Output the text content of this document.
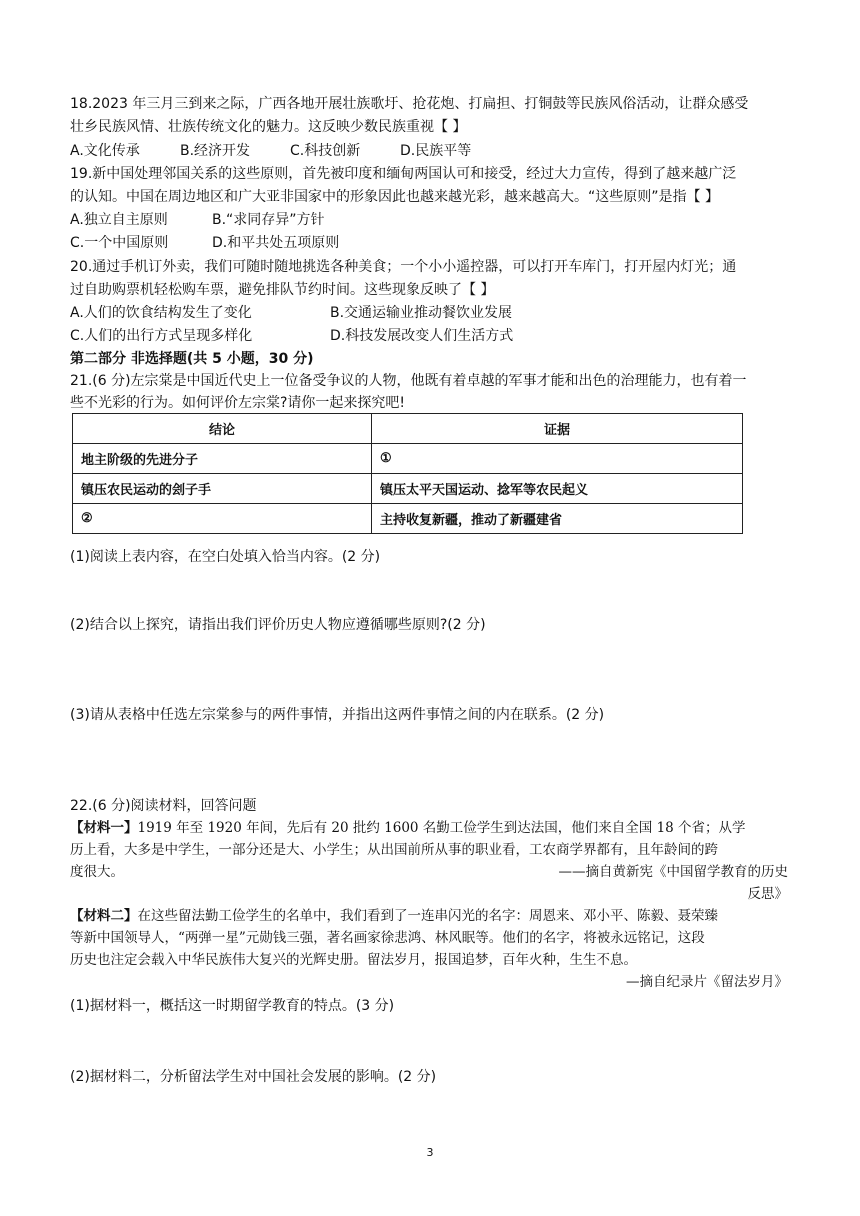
18.2023 年三月三到来之际，广西各地开展壮族歌圩、抢花炮、打扁担、打铜鼓等民族风俗活动，让群众感受
壮乡民族风情、壮族传统文化的魅力。这反映少数民族重视【 】
A.文化传承	B.经济开发	C.科技创新	D.民族平等
19.新中国处理邻国关系的这些原则，首先被印度和缅甸两国认可和接受，经过大力宣传，得到了越来越广泛
的认知。中国在周边地区和广大亚非国家中的形象因此也越来越光彩，越来越高大。“这些原则”是指【 】
A.独立自主原则	B.“求同存异”方针
C.一个中国原则	D.和平共处五项原则
20.通过手机订外卖，我们可随时随地挑选各种美食；一个小小遥控器，可以打开车库门，打开屋内灯光；通
过自助购票机轻松购车票，避免排队节约时间。这些现象反映了【 】
A.人们的饮食结构发生了变化	B.交通运输业推动餐饮业发展
C.人们的出行方式呈现多样化	D.科技发展改变人们生活方式
第二部分 非选择题(共 5 小题，30 分)
21.(6 分)左宗棠是中国近代史上一位备受争议的人物，他既有着卓越的军事才能和出色的治理能力，也有着一
些不光彩的行为。如何评价左宗棠?请你一起来探究吧!
结论	证据
地主阶级的先进分子	①
镇压农民运动的刽子手	镇压太平天国运动、捻军等农民起义
②	主持收复新疆，推动了新疆建省
(1)阅读上表内容，在空白处填入恰当内容。(2 分)
(2)结合以上探究，请指出我们评价历史人物应遵循哪些原则?(2 分)
(3)请从表格中任选左宗棠参与的两件事情，并指出这两件事情之间的内在联系。(2 分)
22.(6 分)阅读材料，回答问题
【材料一】1919 年至 1920 年间，先后有 20 批约 1600 名勤工俭学生到达法国，他们来自全国 18 个省；从学
历上看，大多是中学生，一部分还是大、小学生；从出国前所从事的职业看，工农商学界都有，且年龄间的跨
度很大。	——摘自黄新宪《中国留学教育的历史
反思》
【材料二】在这些留法勤工俭学生的名单中，我们看到了一连串闪光的名字：周恩来、邓小平、陈毅、聂荣臻
等新中国领导人，“两弹一星”元勋钱三强，著名画家徐悲鸿、林风眠等。他们的名字，将被永远铭记，这段
历史也注定会载入中华民族伟大复兴的光辉史册。留法岁月，报国追梦，百年火种，生生不息。
—摘自纪录片《留法岁月》
(1)据材料一，概括这一时期留学教育的特点。(3 分)
(2)据材料二，分析留法学生对中国社会发展的影响。(2 分)
3
